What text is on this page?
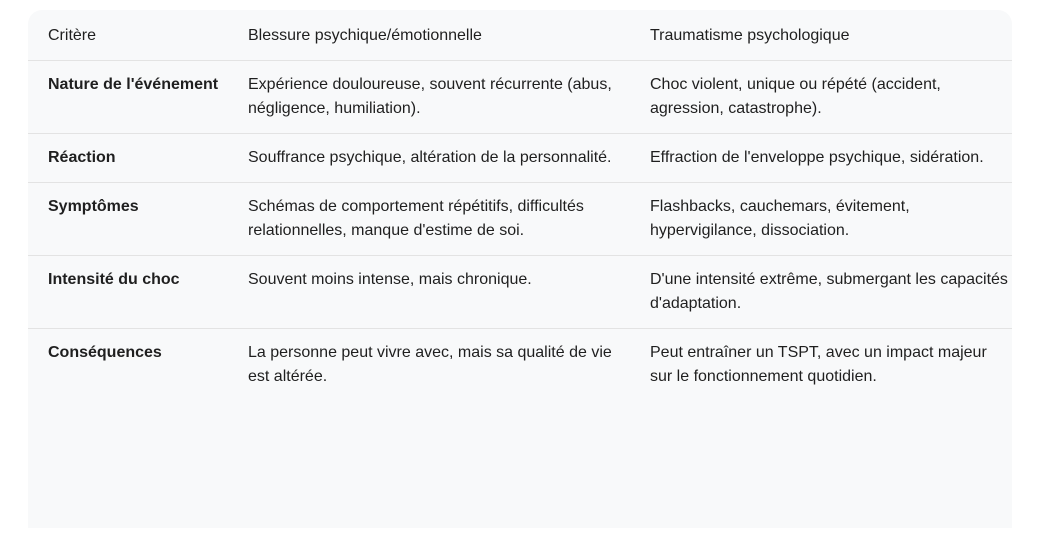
Critère	Blessure psychique/émotionnelle	Traumatisme psychologique
Nature de l'événement	Expérience douloureuse, souvent récurrente (abus, négligence, humiliation).	Choc violent, unique ou répété (accident, agression, catastrophe).
Réaction	Souffrance psychique, altération de la personnalité.	Effraction de l'enveloppe psychique, sidération.
Symptômes	Schémas de comportement répétitifs, difficultés relationnelles, manque d'estime de soi.	Flashbacks, cauchemars, évitement, hypervigilance, dissociation.
Intensité du choc	Souvent moins intense, mais chronique.	D'une intensité extrême, submergant les capacités d'adaptation.
Conséquences	La personne peut vivre avec, mais sa qualité de vie est altérée.	Peut entraîner un TSPT, avec un impact majeur sur le fonctionnement quotidien.
